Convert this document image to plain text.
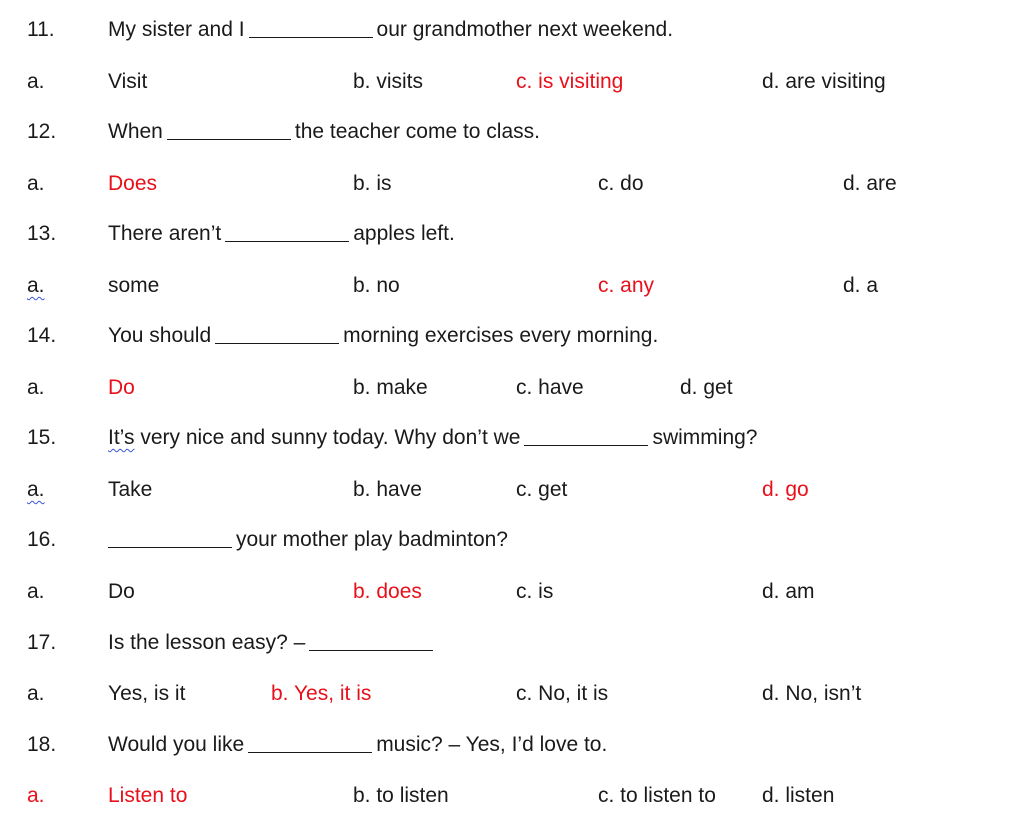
11.	My sister and I	our grandmother next weekend.
a.	Visit	b. visits	c. is visiting	d. are visiting
12. When	the teacher come to class.
a.	Does	b. is	c. do	d. are
13. There aren’t	apples left.
a.	some	b. no	c. any	d. a
14. You should	morning exercises every morning.
a.	Do	b. make	c. have	d. get
15. It’s very nice and sunny today. Why don’t we	swimming?
a.	Take	b. have	c. get	d. go
16.	your mother play badminton?
a.	Do	b. does	c. is	d. am
17. Is the lesson easy? –
a.	Yes, is it	b. Yes, it is	c. No, it is	d. No, isn’t
18. Would you like	music? – Yes, I’d love to.
a.	Listen to	b. to listen	c. to listen to d. listen
